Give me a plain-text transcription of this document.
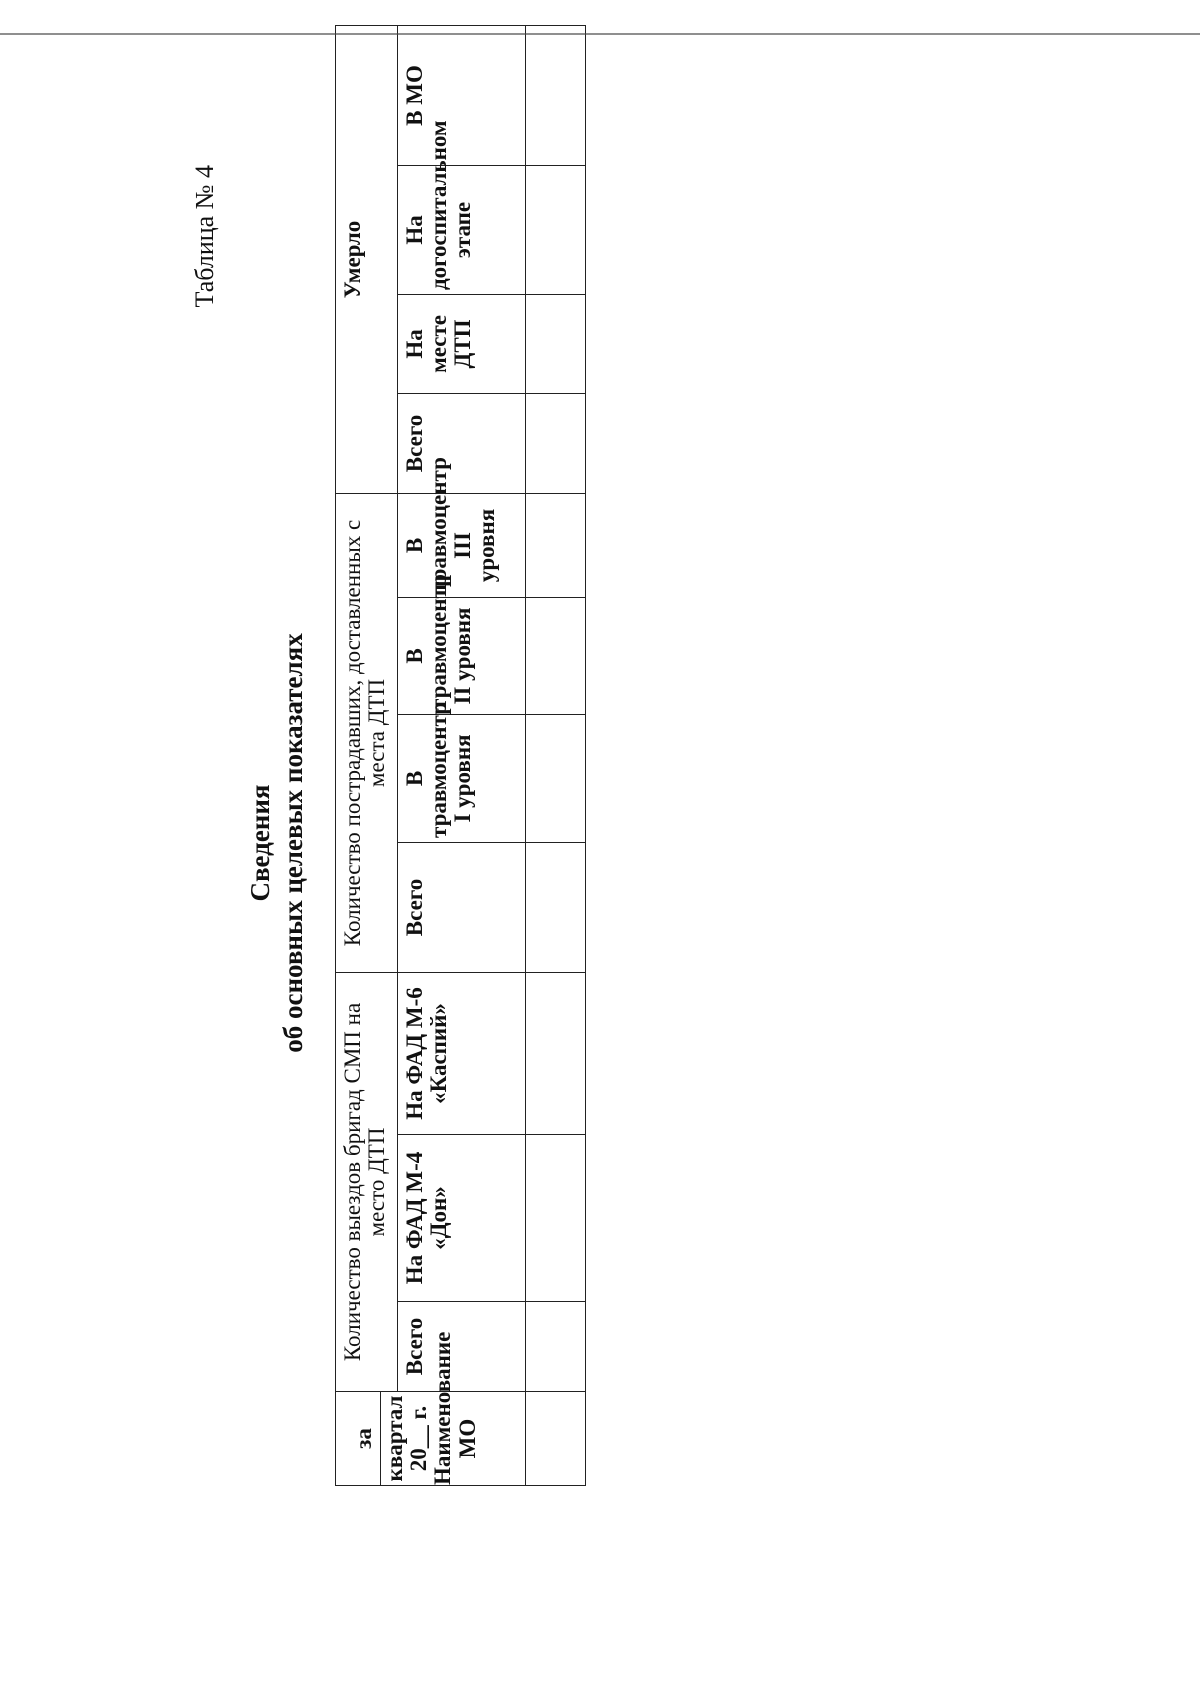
Таблица № 4
Сведения об основных целевых показателях
за квартал 20__ г. Наименование МО	Количество выездов бригад СМП на место ДТП			Количество пострадавших, доставленных с места ДТП				Умерло			
	Всего	На ФАД М-4 «Дон»	На ФАД М-6 «Каспий»	Всего	В травмоцентр I уровня	В травмоцентр II уровня	В травмоцентр III уровня	Всего	На месте ДТП	На догоспитальном этапе	В МО
